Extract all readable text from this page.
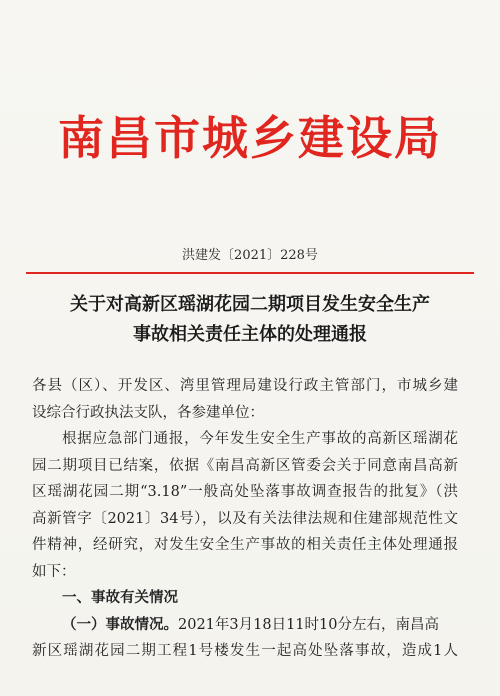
南昌市城乡建设局
洪建发〔2021〕228号
关于对高新区瑶湖花园二期项目发生安全生产
事故相关责任主体的处理通报
各县（区）、开发区、湾里管理局建设行政主管部门，市城乡建
设综合行政执法支队，各参建单位：
根据应急部门通报，今年发生安全生产事故的高新区瑶湖花
园二期项目已结案，依据《南昌高新区管委会关于同意南昌高新
区瑶湖花园二期“3.18”一般高处坠落事故调查报告的批复》（洪
高新管字〔2021〕34号），以及有关法律法规和住建部规范性文
件精神，经研究，对发生安全生产事故的相关责任主体处理通报
如下：
一、事故有关情况
（一）事故情况。2021年3月18日11时10分左右，南昌高
新区瑶湖花园二期工程1号楼发生一起高处坠落事故，造成1人
